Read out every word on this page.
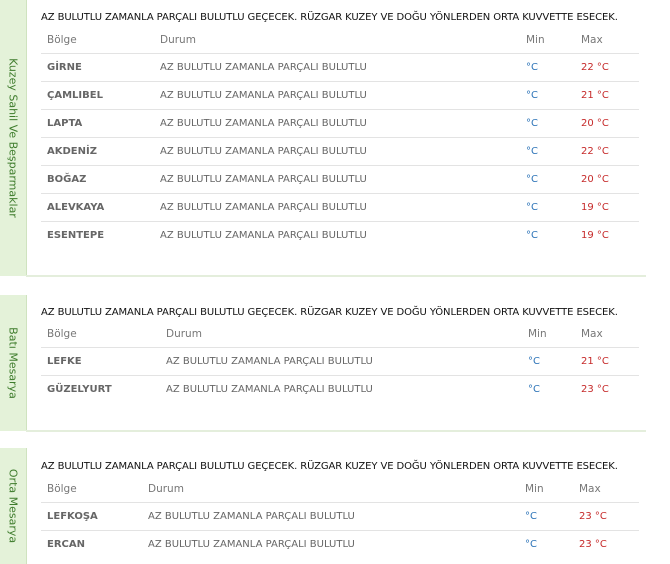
Kuzey Sahil Ve Beşparmaklar
AZ BULUTLU ZAMANLA PARÇALI BULUTLU GEÇECEK. RÜZGAR KUZEY VE DOĞU YÖNLERDEN ORTA KUVVETTE ESECEK.
Bölge	Durum	Min	Max
GİRNE	AZ BULUTLU ZAMANLA PARÇALI BULUTLU	°C	22 °C
ÇAMLIBEL	AZ BULUTLU ZAMANLA PARÇALI BULUTLU	°C	21 °C
LAPTA	AZ BULUTLU ZAMANLA PARÇALI BULUTLU	°C	20 °C
AKDENİZ	AZ BULUTLU ZAMANLA PARÇALI BULUTLU	°C	22 °C
BOĞAZ	AZ BULUTLU ZAMANLA PARÇALI BULUTLU	°C	20 °C
ALEVKAYA	AZ BULUTLU ZAMANLA PARÇALI BULUTLU	°C	19 °C
ESENTEPE	AZ BULUTLU ZAMANLA PARÇALI BULUTLU	°C	19 °C
Batı Mesarya
AZ BULUTLU ZAMANLA PARÇALI BULUTLU GEÇECEK. RÜZGAR KUZEY VE DOĞU YÖNLERDEN ORTA KUVVETTE ESECEK.
Bölge	Durum	Min	Max
LEFKE	AZ BULUTLU ZAMANLA PARÇALI BULUTLU	°C	21 °C
GÜZELYURT	AZ BULUTLU ZAMANLA PARÇALI BULUTLU	°C	23 °C
Orta Mesarya
AZ BULUTLU ZAMANLA PARÇALI BULUTLU GEÇECEK. RÜZGAR KUZEY VE DOĞU YÖNLERDEN ORTA KUVVETTE ESECEK.
Bölge	Durum	Min	Max
LEFKOŞA	AZ BULUTLU ZAMANLA PARÇALI BULUTLU	°C	23 °C
ERCAN	AZ BULUTLU ZAMANLA PARÇALI BULUTLU	°C	23 °C
